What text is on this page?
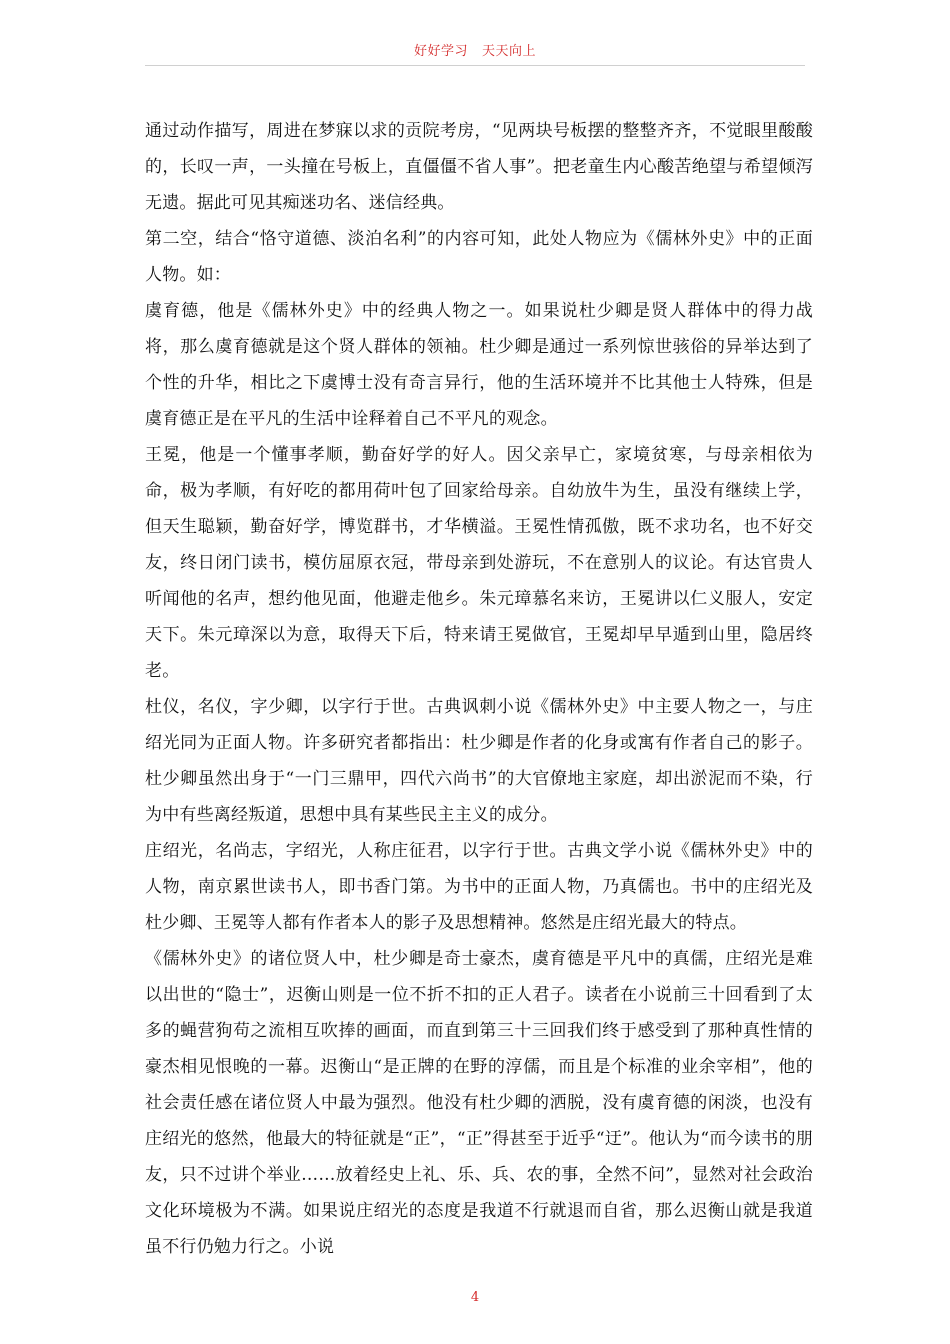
好好学习   天天向上

通过动作描写，周进在梦寐以求的贡院考房，“见两块号板摆的整整齐齐，不觉眼里酸酸的，长叹一声，一头撞在号板上，直僵僵不省人事”。把老童生内心酸苦绝望与希望倾泻无遗。据此可见其痴迷功名、迷信经典。

第二空，结合“恪守道德、淡泊名利”的内容可知，此处人物应为《儒林外史》中的正面人物。如：

虞育德，他是《儒林外史》中的经典人物之一。如果说杜少卿是贤人群体中的得力战将，那么虞育德就是这个贤人群体的领袖。杜少卿是通过一系列惊世骇俗的异举达到了个性的升华，相比之下虞博士没有奇言异行，他的生活环境并不比其他士人特殊，但是虞育德正是在平凡的生活中诠释着自己不平凡的观念。

王冕，他是一个懂事孝顺，勤奋好学的好人。因父亲早亡，家境贫寒，与母亲相依为命，极为孝顺，有好吃的都用荷叶包了回家给母亲。自幼放牛为生，虽没有继续上学，但天生聪颖，勤奋好学，博览群书，才华横溢。王冕性情孤傲，既不求功名，也不好交友，终日闭门读书，模仿屈原衣冠，带母亲到处游玩，不在意别人的议论。有达官贵人听闻他的名声，想约他见面，他避走他乡。朱元璋慕名来访，王冕讲以仁义服人，安定天下。朱元璋深以为意，取得天下后，特来请王冕做官，王冕却早早遁到山里，隐居终老。

杜仪，名仪，字少卿，以字行于世。古典讽刺小说《儒林外史》中主要人物之一，与庄绍光同为正面人物。许多研究者都指出：杜少卿是作者的化身或寓有作者自己的影子。杜少卿虽然出身于“一门三鼎甲，四代六尚书”的大官僚地主家庭，却出淤泥而不染，行为中有些离经叛道，思想中具有某些民主主义的成分。

庄绍光，名尚志，字绍光，人称庄征君，以字行于世。古典文学小说《儒林外史》中的人物，南京累世读书人，即书香门第。为书中的正面人物，乃真儒也。书中的庄绍光及杜少卿、王冕等人都有作者本人的影子及思想精神。悠然是庄绍光最大的特点。

《儒林外史》的诸位贤人中，杜少卿是奇士豪杰，虞育德是平凡中的真儒，庄绍光是难以出世的“隐士”，迟衡山则是一位不折不扣的正人君子。读者在小说前三十回看到了太多的蝇营狗苟之流相互吹捧的画面，而直到第三十三回我们终于感受到了那种真性情的豪杰相见恨晚的一幕。迟衡山“是正牌的在野的淳儒，而且是个标准的业余宰相”，他的社会责任感在诸位贤人中最为强烈。他没有杜少卿的洒脱，没有虞育德的闲淡，也没有庄绍光的悠然，他最大的特征就是“正”，“正”得甚至于近乎“迂”。他认为“而今读书的朋友，只不过讲个举业……放着经史上礼、乐、兵、农的事，全然不问”，显然对社会政治文化环境极为不满。如果说庄绍光的态度是我道不行就退而自省，那么迟衡山就是我道虽不行仍勉力行之。小说

4
